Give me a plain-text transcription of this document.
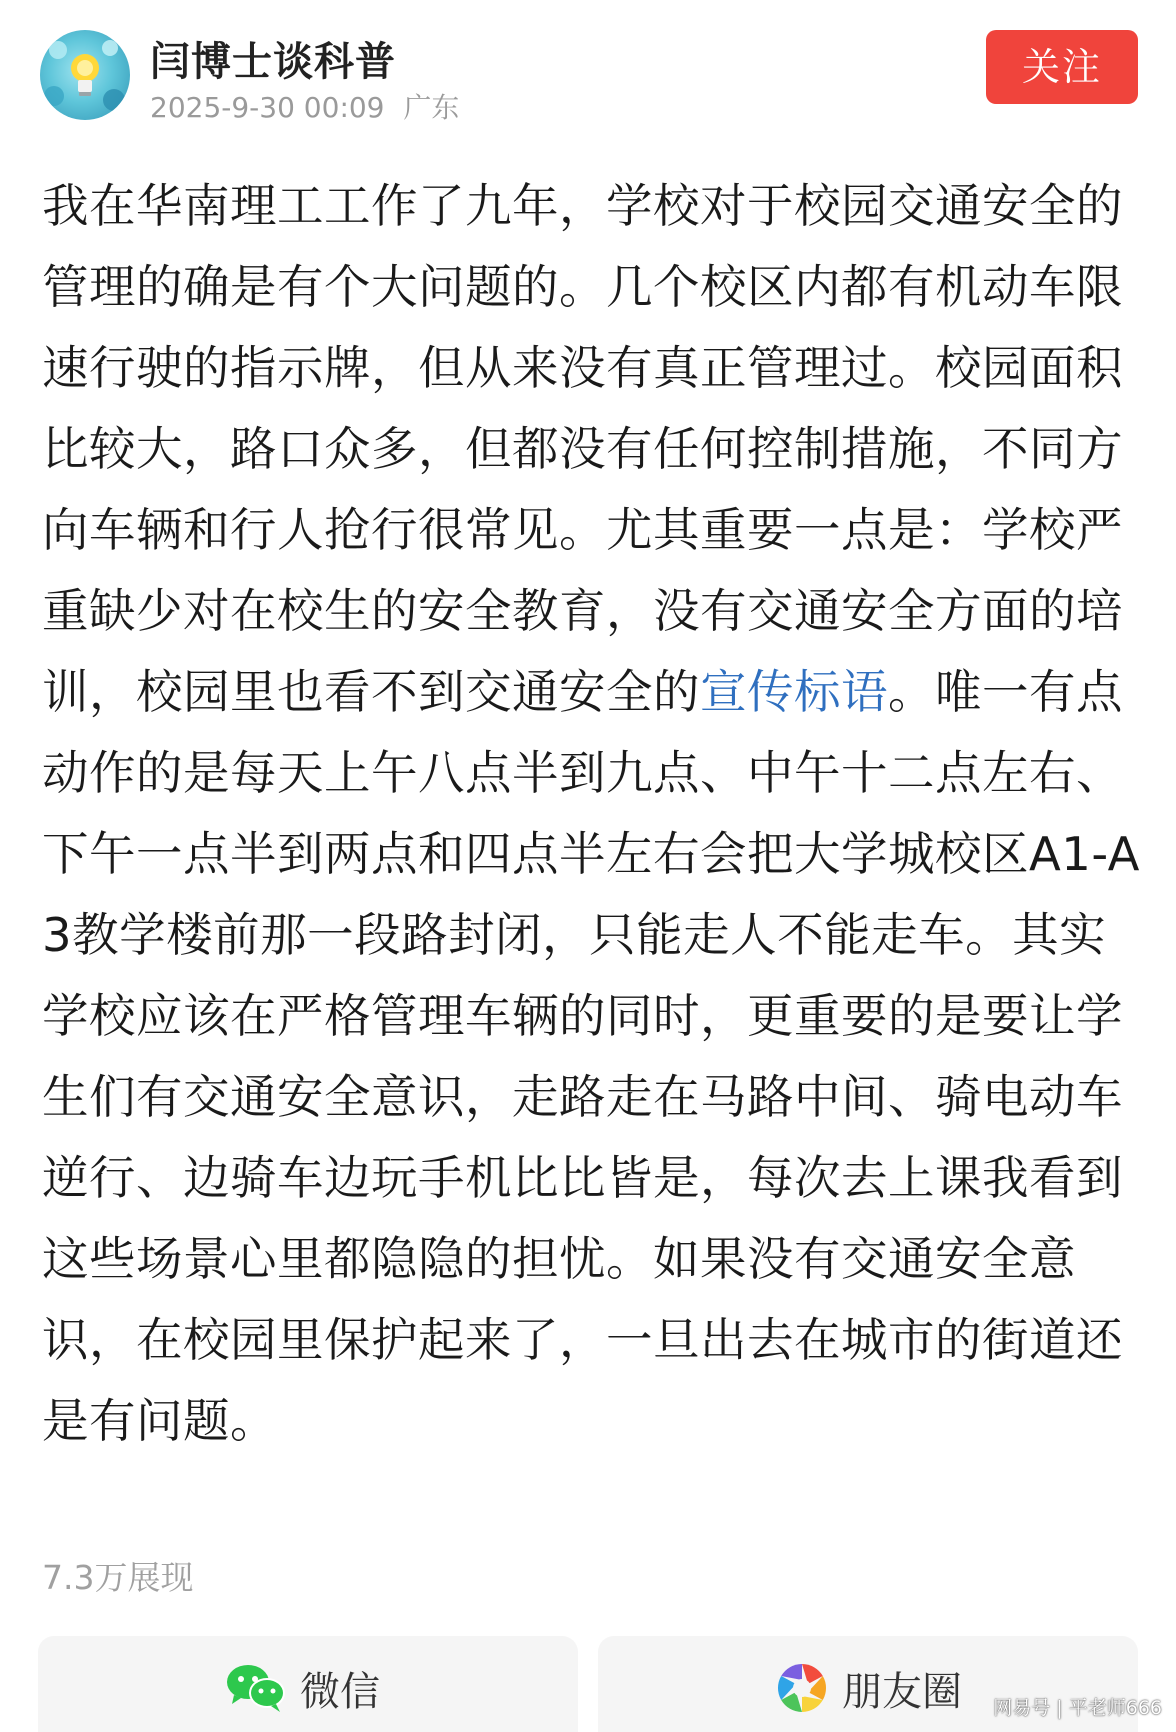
闫博士谈科普
2025-9-30 00:09 广东
关注
我在华南理工工作了九年，学校对于校园交通安全的管理的确是有个大问题的。几个校区内都有机动车限速行驶的指示牌，但从来没有真正管理过。校园面积比较大，路口众多，但都没有任何控制措施，不同方向车辆和行人抢行很常见。尤其重要一点是：学校严重缺少对在校生的安全教育，没有交通安全方面的培训，校园里也看不到交通安全的宣传标语。唯一有点动作的是每天上午八点半到九点、中午十二点左右、下午一点半到两点和四点半左右会把大学城校区A1-A3教学楼前那一段路封闭，只能走人不能走车。其实学校应该在严格管理车辆的同时，更重要的是要让学生们有交通安全意识，走路走在马路中间、骑电动车逆行、边骑车边玩手机比比皆是，每次去上课我看到这些场景心里都隐隐的担忧。如果没有交通安全意识，在校园里保护起来了，一旦出去在城市的街道还是有问题。
7.3万展现
微信	朋友圈 网易号 | 平老师666
